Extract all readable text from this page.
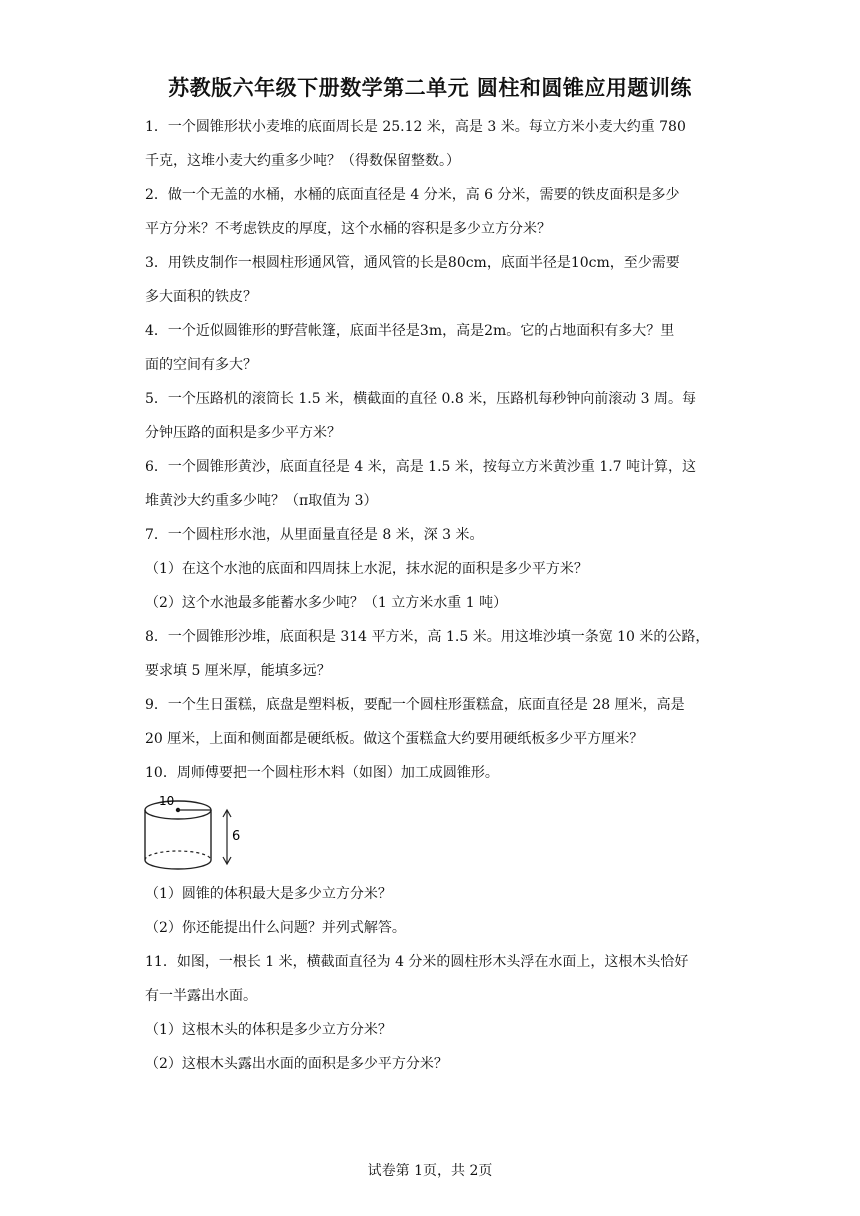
苏教版六年级下册数学第二单元 圆柱和圆锥应用题训练
1．一个圆锥形状小麦堆的底面周长是 25.12 米，高是 3 米。每立方米小麦大约重 780
千克，这堆小麦大约重多少吨？（得数保留整数。）
2．做一个无盖的水桶，水桶的底面直径是 4 分米，高 6 分米，需要的铁皮面积是多少
平方分米？不考虑铁皮的厚度，这个水桶的容积是多少立方分米？
3．用铁皮制作一根圆柱形通风管，通风管的长是80cm，底面半径是10cm，至少需要
多大面积的铁皮？
4．一个近似圆锥形的野营帐篷，底面半径是3m，高是2m。它的占地面积有多大？里
面的空间有多大？
5．一个压路机的滚筒长 1.5 米，横截面的直径 0.8 米，压路机每秒钟向前滚动 3 周。每
分钟压路的面积是多少平方米？
6．一个圆锥形黄沙，底面直径是 4 米，高是 1.5 米，按每立方米黄沙重 1.7 吨计算，这
堆黄沙大约重多少吨？（π取值为 3）
7．一个圆柱形水池，从里面量直径是 8 米，深 3 米。
（1）在这个水池的底面和四周抹上水泥，抹水泥的面积是多少平方米？
（2）这个水池最多能蓄水多少吨？（1 立方米水重 1 吨）
8．一个圆锥形沙堆，底面积是 314 平方米，高 1.5 米。用这堆沙填一条宽 10 米的公路，
要求填 5 厘米厚，能填多远？
9．一个生日蛋糕，底盘是塑料板，要配一个圆柱形蛋糕盒，底面直径是 28 厘米，高是
20 厘米，上面和侧面都是硬纸板。做这个蛋糕盒大约要用硬纸板多少平方厘米？
10．周师傅要把一个圆柱形木料（如图）加工成圆锥形。
10
6
（1）圆锥的体积最大是多少立方分米？
（2）你还能提出什么问题？并列式解答。
11．如图，一根长 1 米，横截面直径为 4 分米的圆柱形木头浮在水面上，这根木头恰好
有一半露出水面。
（1）这根木头的体积是多少立方分米？
（2）这根木头露出水面的面积是多少平方分米？
试卷第 1页，共 2页
